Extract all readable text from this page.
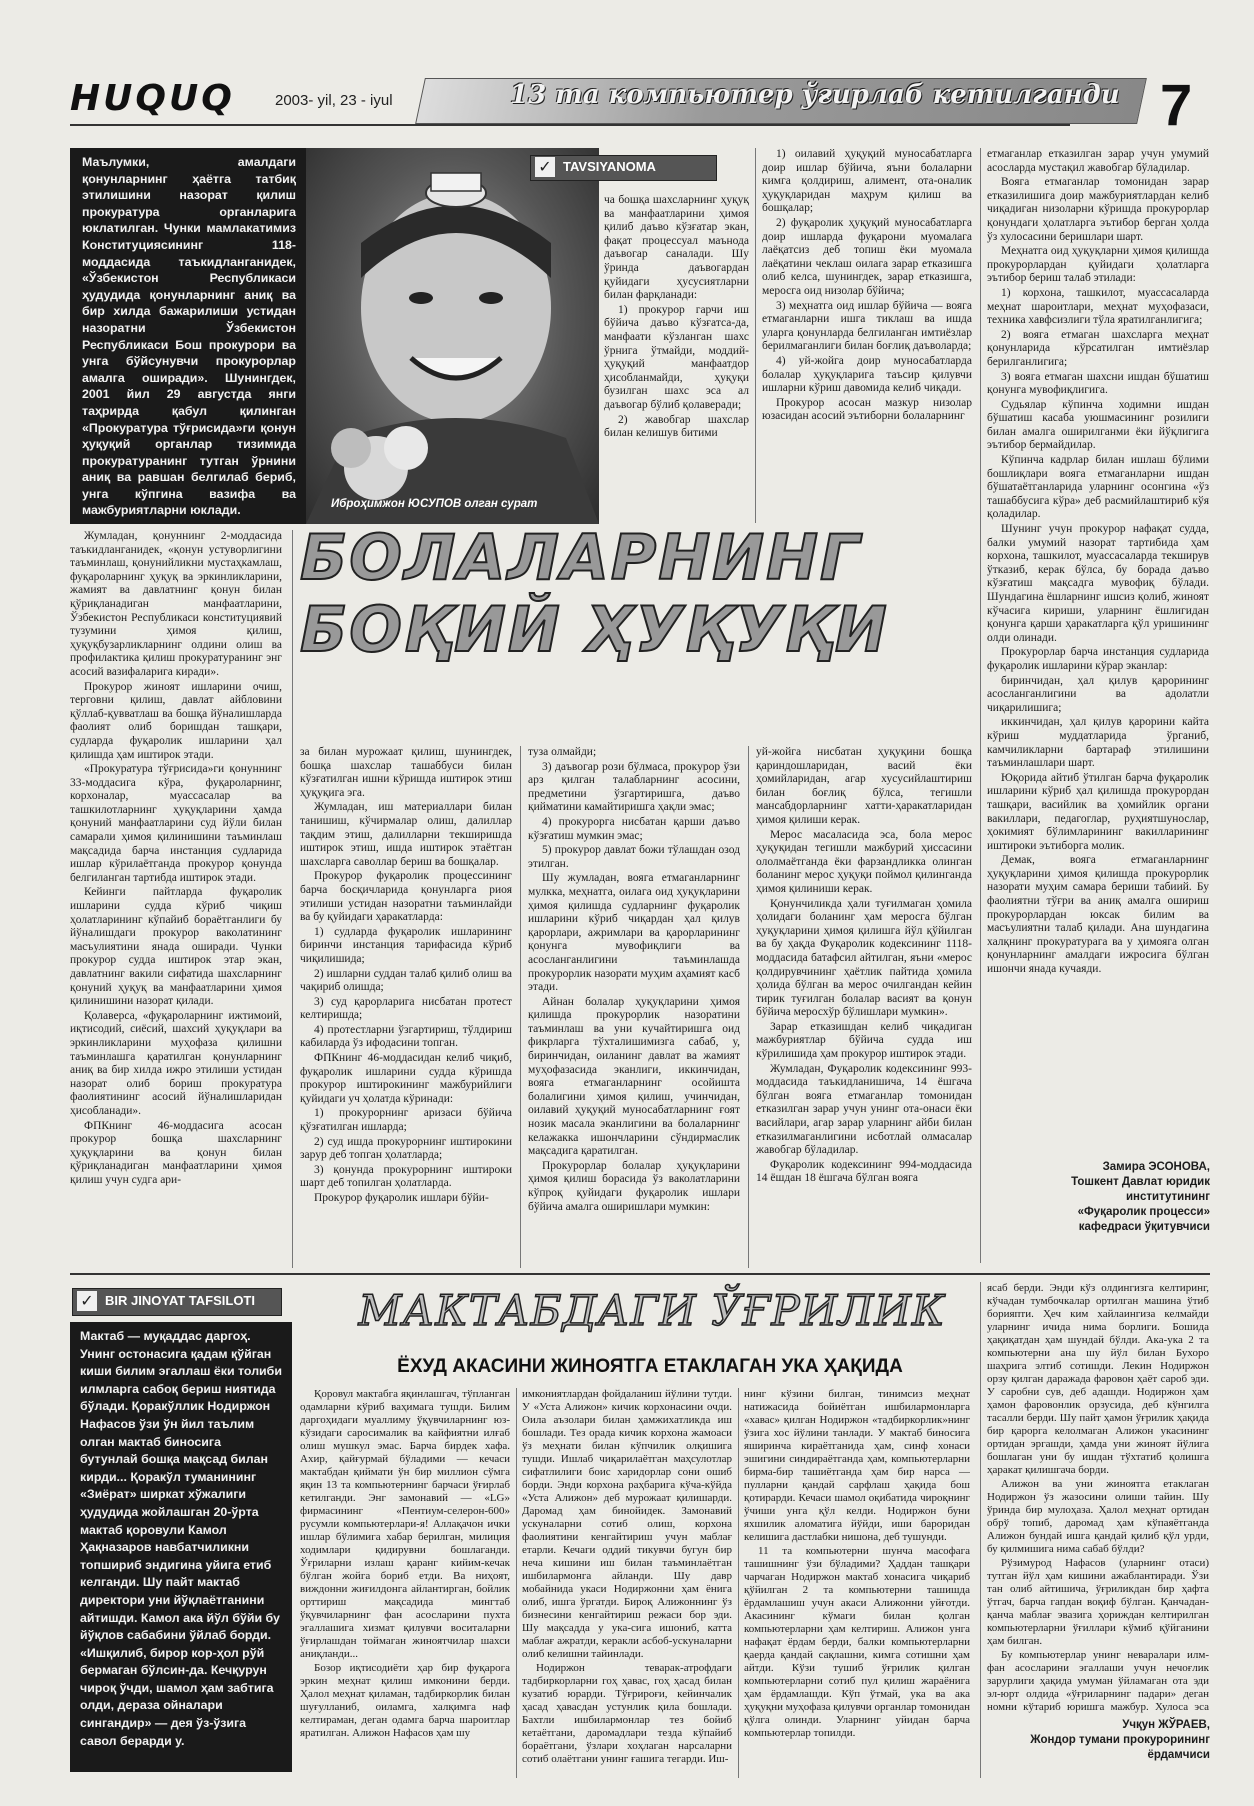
HUQUQ	2003- yil, 23 - iyul	13 та компьютер ўғирлаб кетилганди 7
Маълумки, амалдаги қонунларнинг ҳаётга татбиқ этилишини назорат қилиш прокуратура органларига юклатилган. Чунки мамлакатимиз Конституциясининг 118-моддасида таъкидланганидек, «Ўзбекистон Республикаси ҳудудида қонунларнинг аниқ ва бир хилда бажарилиши устидан назоратни Ўзбекистон Республикаси Бош прокурори ва унга бўйсунувчи прокурорлар амалга оширади». Шунингдек, 2001 йил 29 августда янги таҳрирда қабул қилинган «Прокуратура тўғрисида»ги қонун ҳуқуқий органлар тизимида прокуратуранинг тутган ўрнини аниқ ва равшан белгилаб бериб, унга кўпгина вазифа ва мажбуриятларни юклади.	Иброҳимжон ЮСУПОВ олган сурат
✓ TAVSIYANOMA

ча бошқа шахсларнинг ҳуқуқ ва манфаатларини ҳимоя қилиб даъво кўзғатар экан, фақат процессуал маънода даъвогар саналади. Шу ўринда даъвогардан қуйидаги ҳусусиятларни билан фарқланади:

1) прокурор гарчи иш бўйича даъво кўзғатса-да, манфаати кўзланган шахс ўрнига ўтмайди, моддий-ҳуқуқий манфаатдор ҳисобланмайди, ҳуқуқи бузилган шахс эса ал даъвогар бўлиб қолаверади;

2) жавобгар шахслар билан келишув битими

1) оилавий ҳуқуқий муносабатларга доир ишлар бўйича, яъни болаларни кимга қолдириш, алимент, ота-оналик ҳуқуқларидан маҳрум қилиш ва бошқалар;

2) фуқаролик ҳуқуқий муносабатларга доир ишларда фуқарони муомалага лаёқатсиз деб топиш ёки муомала лаёқатини чеклаш оилага зарар етказишга олиб келса, шунингдек, зарар етказишга, меросга оид низолар бўйича;

3) меҳнатга оид ишлар бўйича — вояга етмаганларни ишга тиклаш ва ишда уларга қонунларда белгиланган имтиёзлар берилмаганлиги билан боғлиқ даъволарда;

4) уй-жойга доир муносабатларда болалар ҳуқуқларига таъсир қилувчи ишларни кўриш давомида келиб чиқади.

Прокурор асосан мазкур низолар юзасидан асосий эътиборни болаларнинг

етмаганлар етказилган зарар учун умумий асосларда мустақил жавобгар бўладилар.

Вояга етмаганлар томонидан зарар етказилишига доир мажбуриятлардан келиб чиқадиган низоларни кўришда прокурорлар қонундаги ҳолатларга эътибор берган ҳолда ўз хулосасини беришлари шарт.

Меҳнатга оид ҳуқуқларни ҳимоя қилишда прокурорлардан қуйидаги ҳолатларга эътибор бериш талаб этилади:

1) корхона, ташкилот, муассасаларда меҳнат шароитлари, меҳнат муҳофазаси, техника хавфсизлиги тўла яратилганлигига;

2) вояга етмаган шахсларга меҳнат қонунларида кўрсатилган имтиёзлар берилганлигига;

3) вояга етмаган шахсни ишдан бўшатиш қонунга мувофиқлигига.

Судьялар кўпинча ходимни ишдан бўшатиш касаба уюшмасининг розилиги билан амалга оширилганми ёки йўқлигига эътибор бермайдилар.

Кўпинча кадрлар билан ишлаш бўлими бошлиқлари вояга етмаганларни ишдан бўшатаётганларида уларнинг осонгина «ўз ташаббусига кўра» деб расмийлаштириб кўя қоладилар.

Шунинг учун прокурор нафақат судда, балки умумий назорат тартибида ҳам корхона, ташкилот, муассасаларда текширув ўтказиб, керак бўлса, бу борада даъво кўзғатиш мақсадга мувофиқ бўлади. Шундагина ёшларнинг ишсиз қолиб, жиноят кўчасига кириши, уларнинг ёшлигидан қонунга қарши ҳаракатларга қўл уришининг олди олинади.

Прокурорлар барча инстанция судларида фуқаролик ишларини кўрар эканлар:

биринчидан, ҳал қилув қарорининг асосланганлигини ва адолатли чиқарилишига;

иккинчидан, ҳал қилув қарорини кайта кўриш муддатларида ўрганиб, камчиликларни бартараф этилишини таъминлашлари шарт.

Юқорида айтиб ўтилган барча фуқаролик ишларини кўриб ҳал қилишда прокурордан ташқари, васийлик ва ҳомийлик органи вакиллари, педагоглар, руҳиятшунослар, ҳокимият бўлимларининг вакилларининг иштироки эътиборга молик.

Демак, вояга етмаганларнинг ҳуқуқларини ҳимоя қилишда прокурорлик назорати муҳим самара бериши табиий. Бу фаолиятни тўғри ва аниқ амалга ошириш прокурорлардан юксак билим ва масъулиятни талаб қилади. Ана шундагина халқнинг прокуратурага ва у ҳимояга олган қонунларнинг амалдаги ижросига бўлган ишончи янада кучаяди.

БОЛАЛАРНИНГ
БОҚИЙ ҲУҚУҚИ

Жумладан, қонуннинг 2-моддасида таъкидланганидек, «қонун устуворлигини таъминлаш, қонунийликни мустаҳкамлаш, фуқароларнинг ҳуқуқ ва эркинликларини, жамият ва давлатнинг қонун билан қўриқланадиган манфаатларини, Ўзбекистон Республикаси конституциявий тузумини ҳимоя қилиш, ҳуқуқбузарликларнинг олдини олиш ва профилактика қилиш прокуратуранинг энг асосий вазифаларига киради».

Прокурор жиноят ишларини очиш, терговни қилиш, давлат айбловини қўллаб-қувватлаш ва бошқа йўналишларда фаолият олиб боришдан ташқари, судларда фуқаролик ишларини ҳал қилишда ҳам иштирок этади.

«Прокуратура тўғрисида»ги қонуннинг 33-моддасига кўра, фуқароларнинг, корхоналар, муассасалар ва ташкилотларнинг ҳуқуқларини ҳамда қонуний манфаатларини суд йўли билан самарали ҳимоя қилинишини таъминлаш мақсадида барча инстанция судларида ишлар кўрилаётганда прокурор қонунда белгиланган тартибда иштирок этади.

Кейинги пайтларда фуқаролик ишларини судда кўриб чиқиш ҳолатларининг кўпайиб бораётганлиги бу йўналишдаги прокурор ваколатининг масъулиятини янада оширади. Чунки прокурор судда иштирок этар экан, давлатнинг вакили сифатида шахсларнинг қонуний ҳуқуқ ва манфаатларини ҳимоя қилинишини назорат қилади.

Қолаверса, «фуқароларнинг ижтимоий, иқтисодий, сиёсий, шахсий ҳуқуқлари ва эркинликларини муҳофаза қилишни таъминлашга қаратилган қонунларнинг аниқ ва бир хилда ижро этилиши устидан назорат олиб бориш прокуратура фаолиятининг асосий йўналишларидан ҳисобланади».

ФПКнинг 46-моддасига асосан прокурор бошқа шахсларнинг ҳуқуқларини ва қонун билан қўриқланадиган манфаатларини ҳимоя қилиш учун судга ари-

за билан мурожаат қилиш, шунингдек, бошқа шахслар ташаббуси билан кўзғатилган ишни кўришда иштирок этиш ҳуқуқига эга.

Жумладан, иш материаллари билан танишиш, кўчирмалар олиш, далиллар тақдим этиш, далилларни текширишда иштирок этиш, ишда иштирок этаётган шахсларга саволлар бериш ва бошқалар.

Прокурор фуқаролик процессининг барча босқичларида қонунларга риоя этилиши устидан назоратни таъминлайди ва бу қуйидаги ҳаракатларда:

1) судларда фуқаролик ишларининг биринчи инстанция тарифасида кўриб чиқилишида;

2) ишларни суддан талаб қилиб олиш ва чақириб олишда;

3) суд қарорларига нисбатан протест келтиришда;

4) протестларни ўзгартириш, тўлдириш кабиларда ўз ифодасини топган.

ФПКнинг 46-моддасидан келиб чиқиб, фуқаролик ишларини судда кўришда прокурор иштирокининг мажбурийлиги қуйидаги уч ҳолатда кўринади:

1) прокурорнинг аризаси бўйича қўзғатилган ишларда;

2) суд ишда прокурорнинг иштирокини зарур деб топган ҳолатларда;

3) қонунда прокурорнинг иштироки шарт деб топилган ҳолатларда.

Прокурор фуқаролик ишлари бўйи-

туза олмайди;

3) даъвогар рози бўлмаса, прокурор ўзи арз қилган талабларнинг асосини, предметини ўзгартиришга, даъво қийматини камайтиришга ҳақли эмас;

4) прокурорга нисбатан қарши даъво кўзғатиш мумкин эмас;

5) прокурор давлат божи тўлашдан озод этилган.

Шу жумладан, вояга етмаганларнинг мулкка, меҳнатга, оилага оид ҳуқуқларини ҳимоя қилишда судларнинг фуқаролик ишларини кўриб чиқардан ҳал қилув қарорлари, ажримлари ва қарорларининг қонунга мувофиқлиги ва асосланганлигини таъминлашда прокурорлик назорати муҳим аҳамият касб этади.

Айнан болалар ҳуқуқларини ҳимоя қилишда прокурорлик назоратини таъминлаш ва уни кучайтиришга оид фикрларга тўхталишимизга сабаб, у, биринчидан, оиланинг давлат ва жамият муҳофазасида эканлиги, иккинчидан, вояга етмаганларнинг осойишта болалигини ҳимоя қилиш, учинчидан, оилавий ҳуқуқий муносабатларнинг ғоят нозик масала эканлигини ва болаларнинг келажакка ишончларини сўндирмаслик мақсадига қаратилган.

Прокурорлар болалар ҳуқуқларини ҳимоя қилиш борасида ўз ваколатларини кўпроқ қуйидаги фуқаролик ишлари бўйича амалга оширишлари мумкин:

уй-жойга нисбатан ҳуқуқини бошқа қариндошларидан, васий ёки ҳомийларидан, агар хусусийлаштириш билан боғлиқ бўлса, тегишли мансабдорларнинг хатти-ҳаракатларидан ҳимоя қилиши керак.

Мерос масаласида эса, бола мерос ҳуқуқидан тегишли мажбурий ҳиссасини ололмаётганда ёки фарзандликка олинган боланинг мерос ҳуқуқи поймол қилинганда ҳимоя қилиниши керак.

Қонунчиликда ҳали туғилмаган ҳомила ҳолидаги боланинг ҳам меросга бўлган ҳуқуқларини ҳимоя қилишга йўл қўйилган ва бу ҳақда Фуқаролик кодексининг 1118-моддасида батафсил айтилган, яъни «мерос қолдирувчининг ҳаётлик пайтида ҳомила ҳолида бўлган ва мерос очилгандан кейин тирик туғилган болалар васият ва қонун бўйича меросхўр бўлишлари мумкин».

Зарар етказишдан келиб чиқадиган мажбуриятлар бўйича судда иш кўрилишида ҳам прокурор иштирок этади.

Жумладан, Фуқаролик кодексининг 993-моддасида таъкидланишича, 14 ёшгача бўлган вояга етмаганлар томонидан етказилган зарар учун унинг ота-онаси ёки васийлари, агар зарар уларнинг айби билан етказилмаганлигини исботлай олмасалар жавобгар бўладилар.

Фуқаролик кодексининг 994-моддасида 14 ёшдан 18 ёшгача бўлган вояга

Замира ЭСОНОВА,
Тошкент Давлат юридик
институтининг
«Фуқаролик процесси»
кафедраси ўқитувчиси
✓ BIR JINOYAT TAFSILOTI
Мактаб — муқаддас даргоҳ. Унинг остонасига қадам қўйган киши билим эгаллаш ёки толиби илмларга сабоқ бериш ниятида бўлади. Қоракўллик Нодиржон Нафасов ўзи ўн йил таълим олган мактаб биносига бутунлай бошқа мақсад билан кирди... Қоракўл туманининг «Зиёрат» ширкат хўжалиги ҳудудида жойлашган 20-ўрта мактаб қоровули Камол Ҳақназаров навбатчиликни топшириб эндигина уйига етиб келганди. Шу пайт мактаб директори уни йўқлаётганини айтишди. Камол ака йўл бўйи бу йўқлов сабабини ўйлаб борди. «Ишқилиб, бирор кор-ҳол рўй бермаган бўлсин-да. Кечқурун чироқ ўчди, шамол ҳам забтига олди, дераза ойналари сингандир» — дея ўз-ўзига савол берарди у.
МАКТАБДАГИ ЎҒРИЛИК
ЁХУД АКАСИНИ ЖИНОЯТГА ЕТАКЛАГАН УКА ҲАҚИДА

Қоровул мактабга яқинлашгач, тўпланган одамларни кўриб ваҳимага тушди. Билим даргоҳидаги муаллиму ўқувчиларнинг юз-кўзидаги саросималик ва кайфиятни илғаб олиш мушкул эмас. Барча бирдек хафа. Ахир, қайғурмай бўладими — кечаси мактабдан қиймати ўн бир миллион сўмга яқин 13 та компьютернинг барчаси ўғирлаб кетилганди. Энг замонавий — «LG» фирмасининг «Пентиум-селерон-600» русумли компьютерлари-я! Аллақачон ички ишлар бўлимига хабар берилган, милиция ходимлари қидирувни бошлаганди. Ўғриларни излаш қаранг кийим-кечак бўлган жойга бориб етди. Ва ниҳоят, виждонни жиғилдонга айлантирган, бойлик орттириш мақсадида мингтаб ўқувчиларнинг фан асосларини пухта эгаллашига хизмат қилувчи воситаларни ўғирлашдан тоймаган жиноятчилар шахси аниқланди...

Бозор иқтисодиёти ҳар бир фуқарога эркин меҳнат қилиш имконини берди. Ҳалол меҳнат қиламан, тадбиркорлик билан шуғулланиб, оиламга, халқимга наф келтираман, деган одамга барча шароитлар яратилган. Алижон Нафасов ҳам шу

имкониятлардан фойдаланиш йўлини тутди. У «Уста Алижон» кичик корхонасини очди. Оила аъзолари билан ҳамжихатликда иш бошлади. Тез орада кичик корхона жамоаси ўз меҳнати билан кўпчилик олқишига тушди. Ишлаб чиқарилаётган маҳсулотлар сифатлилиги боис харидорлар сони ошиб борди. Энди корхона раҳбарига кўча-кўйда «Уста Алижон» деб мурожаат қилишарди. Даромад ҳам бинойидек. Замонавий ускуналарни сотиб олиш, корхона фаолиятини кенгайтириш учун маблағ етарли. Кечаги оддий тикувчи бугун бир неча кишини иш билан таъминлаётган ишбилармонга айланди. Шу давр мобайнида укаси Нодиржонни ҳам ёнига олиб, ишга ўргатди. Бироқ Алижоннинг ўз бизнесини кенгайтириш режаси бор эди. Шу мақсадда у ука-сига ишониб, катта маблағ ажратди, керакли асбоб-ускуналарни олиб келишни тайинлади.

Нодиржон теварак-атрофдаги тадбиркорларни гоҳ ҳавас, гоҳ ҳасад билан кузатиб юрарди. Тўғрироғи, кейинчалик ҳасад ҳавасдан устунлик қила бошлади. Бахтли ишбилармонлар тез бойиб кетаётгани, даромадлари тезда кўпайиб бораётгани, ўзлари хоҳлаган нарсаларни сотиб олаётгани унинг ғашига тегарди. Иш-

нинг кўзини билган, тинимсиз меҳнат натижасида бойиётган ишбилармонларга «хавас» қилган Нодиржон «тадбиркорлик»нинг ўзига хос йўлини танлади. У мактаб биносига яширинча кираётганида ҳам, синф хонаси эшигини синдираётганда ҳам, компьютерларни бирма-бир ташиётганда ҳам бир нарса — пулларни қандай сарфлаш ҳақида бош қотирарди. Кечаси шамол оқибатида чироқнинг ўчиши унга қўл келди. Нодиржон буни яхшилик аломатига йўйди, иши бароридан келишига дастлабки нишона, деб тушунди.

11 та компьютерни шунча масофага ташишнинг ўзи бўладими? Ҳаддан ташқари чарчаган Нодиржон мактаб хонасига чиқариб қўйилган 2 та компьютерни ташишда ёрдамлашиш учун акаси Алижонни уйғотди. Акасининг кўмаги билан қолган компьютерларни ҳам келтириш. Алижон унга нафақат ёрдам берди, балки компьютерларни қаерда қандай сақлашни, кимга сотишни ҳам айтди. Кўзи тушиб ўғрилик қилган компьютерларни сотиб пул қилиш жараёнига ҳам ёрдамлашди. Кўп ўтмай, ука ва ака ҳуқуқни муҳофаза қилувчи органлар томонидан қўлга олинди. Уларнинг уйидан барча компьютерлар топилди.

ясаб берди. Энди кўз олдингизга келтиринг, кўчадан тумбочкалар ортилган машина ўтиб борияпти. Ҳеч ким хайлаингиза келмайди уларнинг ичида нима борлиги. Бошида ҳақиқатдан ҳам шундай бўлди. Ака-ука 2 та компьютерни ана шу йўл билан Бухоро шаҳрига элтиб сотишди. Лекин Нодиржон орзу қилган даражада фаровон ҳаёт сароб эди. У саробни сув, деб адашди. Нодиржон ҳам ҳамон фаровонлик орзусида, деб кўнгилга тасалли берди. Шу пайт ҳамон ўғрилик ҳақида бир қарорга келолмаган Алижон укасининг ортидан эргашди, ҳамда уни жиноят йўлига бошлаган уни бу ишдан тўхтатиб қолишга ҳаракат қилишгача борди.

Алижон ва уни жиноятга етаклаган Нодиржон ўз жазосини олиши тайин. Шу ўринда бир мулоҳаза. Ҳалол меҳнат ортидан обрў топиб, даромад ҳам кўпаяётганда Алижон бундай ишга қандай қилиб қўл урди, бу қилмишига нима сабаб бўлди?

Рўзимурод Нафасов (уларнинг отаси) тутган йўл ҳам кишини ажаблантиради. Ўзи тан олиб айтишича, ўғриликдан бир ҳафта ўтгач, барча гапдан воқиф бўлган. Қанчадан-қанча маблағ эвазига ҳориждан келтирилган компьютерларни ўғиллари кўмиб қўйганини ҳам билган.

Бу компьютерлар унинг неваралари илм-фан асосларини эгаллаши учун нечоғлик зарурлиги ҳақида умуман ўйламаган ота эди эл-юрт олдида «ўғриларнинг падари» деган номни кўтариб юришга мажбур. Хулоса эса

Учқун ЖЎРАЕВ,
Жондор тумани прокурорининг
ёрдамчиси
